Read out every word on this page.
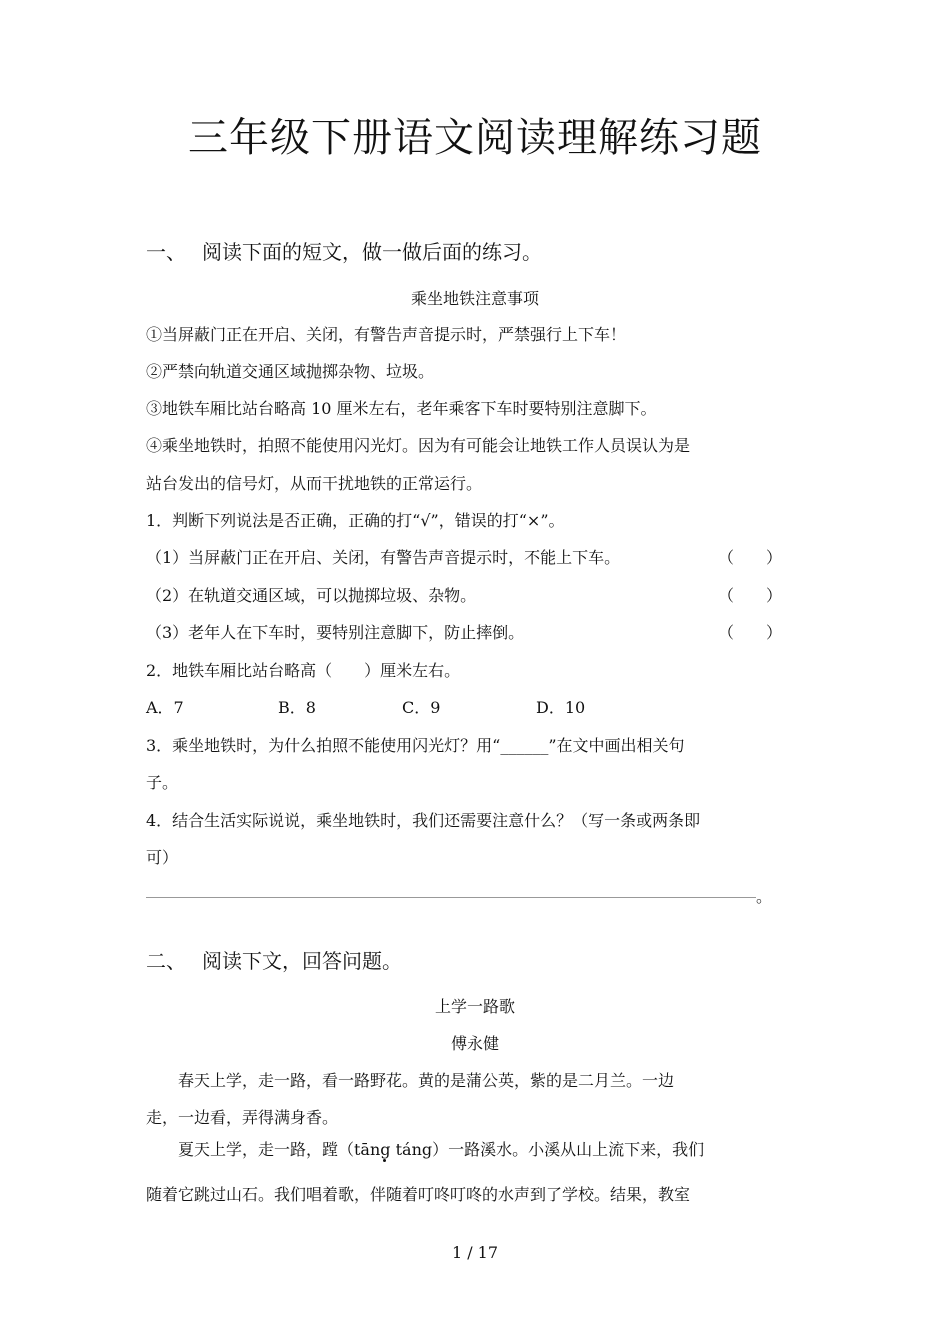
三年级下册语文阅读理解练习题
一、 阅读下面的短文，做一做后面的练习。
乘坐地铁注意事项
①当屏蔽门正在开启、关闭，有警告声音提示时，严禁强行上下车！
②严禁向轨道交通区域抛掷杂物、垃圾。
③地铁车厢比站台略高 10 厘米左右，老年乘客下车时要特别注意脚下。
④乘坐地铁时，拍照不能使用闪光灯。因为有可能会让地铁工作人员误认为是
站台发出的信号灯，从而干扰地铁的正常运行。
1．判断下列说法是否正确，正确的打“√”，错误的打“×”。
（1）当屏蔽门正在开启、关闭，有警告声音提示时，不能上下车。	（　　）
（2）在轨道交通区域，可以抛掷垃圾、杂物。	（　　）
（3）老年人在下车时，要特别注意脚下，防止摔倒。	（　　）
2．地铁车厢比站台略高（　　）厘米左右。
A．7	B．8	C．9	D．10
3．乘坐地铁时，为什么拍照不能使用闪光灯？用“______”在文中画出相关句
子。
4．结合生活实际说说，乘坐地铁时，我们还需要注意什么？（写一条或两条即
可）
。
二、 阅读下文，回答问题。
上学一路歌
傅永健
　　春天上学，走一路，看一路野花。黄的是蒲公英，紫的是二月兰。一边
走，一边看，弄得满身香。
　　夏天上学，走一路，蹚（tāng táng）一路溪水。小溪从山上流下来，我们
随着它跳过山石。我们唱着歌，伴随着叮咚叮咚的水声到了学校。结果，教室
1 / 17
